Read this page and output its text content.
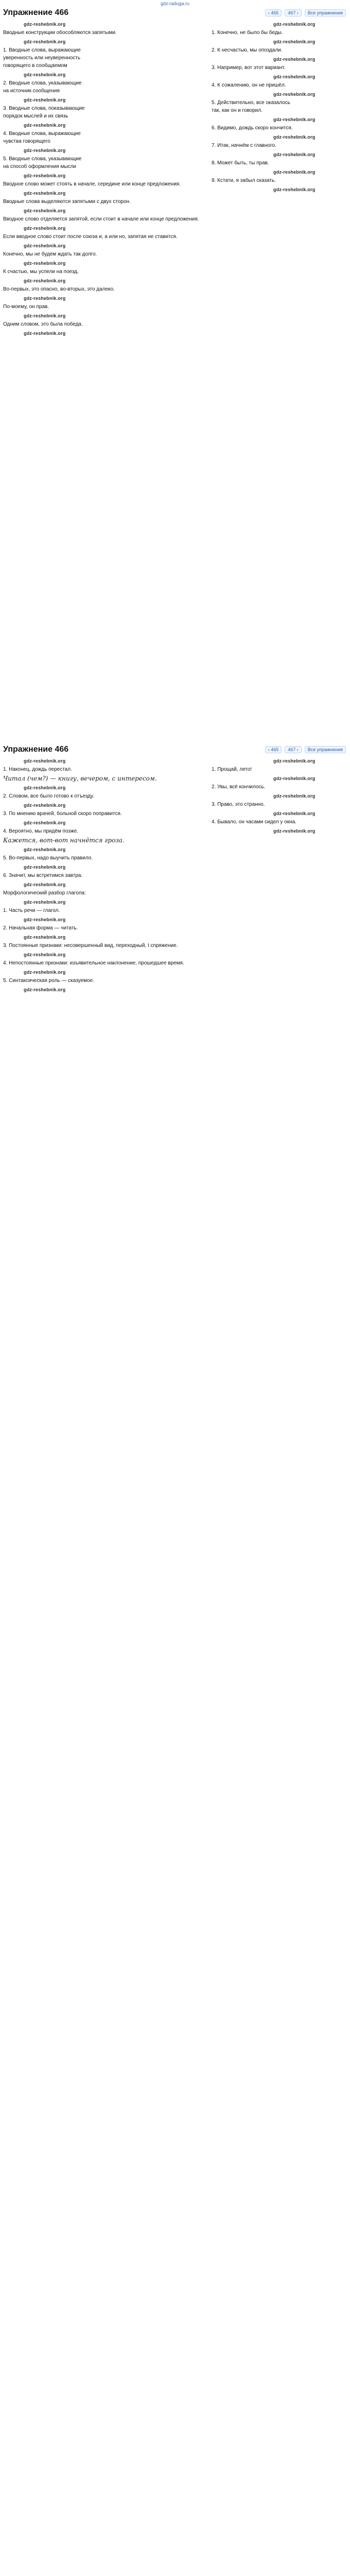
gdz-raduga.ru
Упражнение 466	‹ 465	467 ›	Все упражнения
gdz-reshebnik.org
Вводные конструкции обособляются запятыми.
gdz-reshebnik.org
1. Вводные слова, выражающие
уверенность или неуверенность
говорящего в сообщаемом
gdz-reshebnik.org
2. Вводные слова, указывающие
на источник сообщения
gdz-reshebnik.org
3. Вводные слова, показывающие
порядок мыслей и их связь
gdz-reshebnik.org
4. Вводные слова, выражающие
чувства говорящего
gdz-reshebnik.org
5. Вводные слова, указывающие
на способ оформления мысли
gdz-reshebnik.org
Вводное слово может стоять в начале, середине или конце предложения.
gdz-reshebnik.org
Вводные слова выделяются запятыми с двух сторон.
gdz-reshebnik.org
Вводное слово отделяется запятой, если стоит в начале или конце предложения.
gdz-reshebnik.org
Если вводное слово стоит после союза и, а или но, запятая не ставится.
gdz-reshebnik.org
Конечно, мы не будем ждать так долго.
gdz-reshebnik.org
К счастью, мы успели на поезд.
gdz-reshebnik.org
Во-первых, это опасно, во-вторых, это далеко.
gdz-reshebnik.org
По-моему, он прав.
gdz-reshebnik.org
Одним словом, это была победа.
gdz-reshebnik.org
gdz-reshebnik.org
1. Конечно, не было бы беды.
gdz-reshebnik.org
2. К несчастью, мы опоздали.
gdz-reshebnik.org
3. Например, вот этот вариант.
gdz-reshebnik.org
4. К сожалению, он не пришёл.
gdz-reshebnik.org
5. Действительно, все оказалось
так, как он и говорил.
gdz-reshebnik.org
6. Видимо, дождь скоро кончится.
gdz-reshebnik.org
7. Итак, начнём с главного.
gdz-reshebnik.org
8. Может быть, ты прав.
gdz-reshebnik.org
9. Кстати, я забыл сказать.
gdz-reshebnik.org
Упражнение 466	‹ 465	467 ›	Все упражнения
gdz-reshebnik.org
1. Наконец, дождь перестал.
Читал (чем?) — книгу, вечером, с интересом.
gdz-reshebnik.org
2. Словом, все было готово к отъезду.
gdz-reshebnik.org
3. По мнению врачей, больной скоро поправится.
gdz-reshebnik.org
4. Вероятно, мы придём позже.
Кажется, вот-вот начнётся гроза.
gdz-reshebnik.org
5. Во-первых, надо выучить правило.
gdz-reshebnik.org
6. Значит, мы встретимся завтра.
gdz-reshebnik.org
Морфологический разбор глагола:
gdz-reshebnik.org
1. Часть речи — глагол.
gdz-reshebnik.org
2. Начальная форма — читать.
gdz-reshebnik.org
3. Постоянные признаки: несовершенный вид, переходный, I спряжение.
gdz-reshebnik.org
4. Непостоянные признаки: изъявительное наклонение, прошедшее время.
gdz-reshebnik.org
5. Синтаксическая роль — сказуемое.
gdz-reshebnik.org
gdz-reshebnik.org
1. Прощай, лето!
gdz-reshebnik.org
2. Увы, всё кончилось.
gdz-reshebnik.org
3. Право, это странно.
gdz-reshebnik.org
4. Бывало, он часами сидел у окна.
gdz-reshebnik.org
